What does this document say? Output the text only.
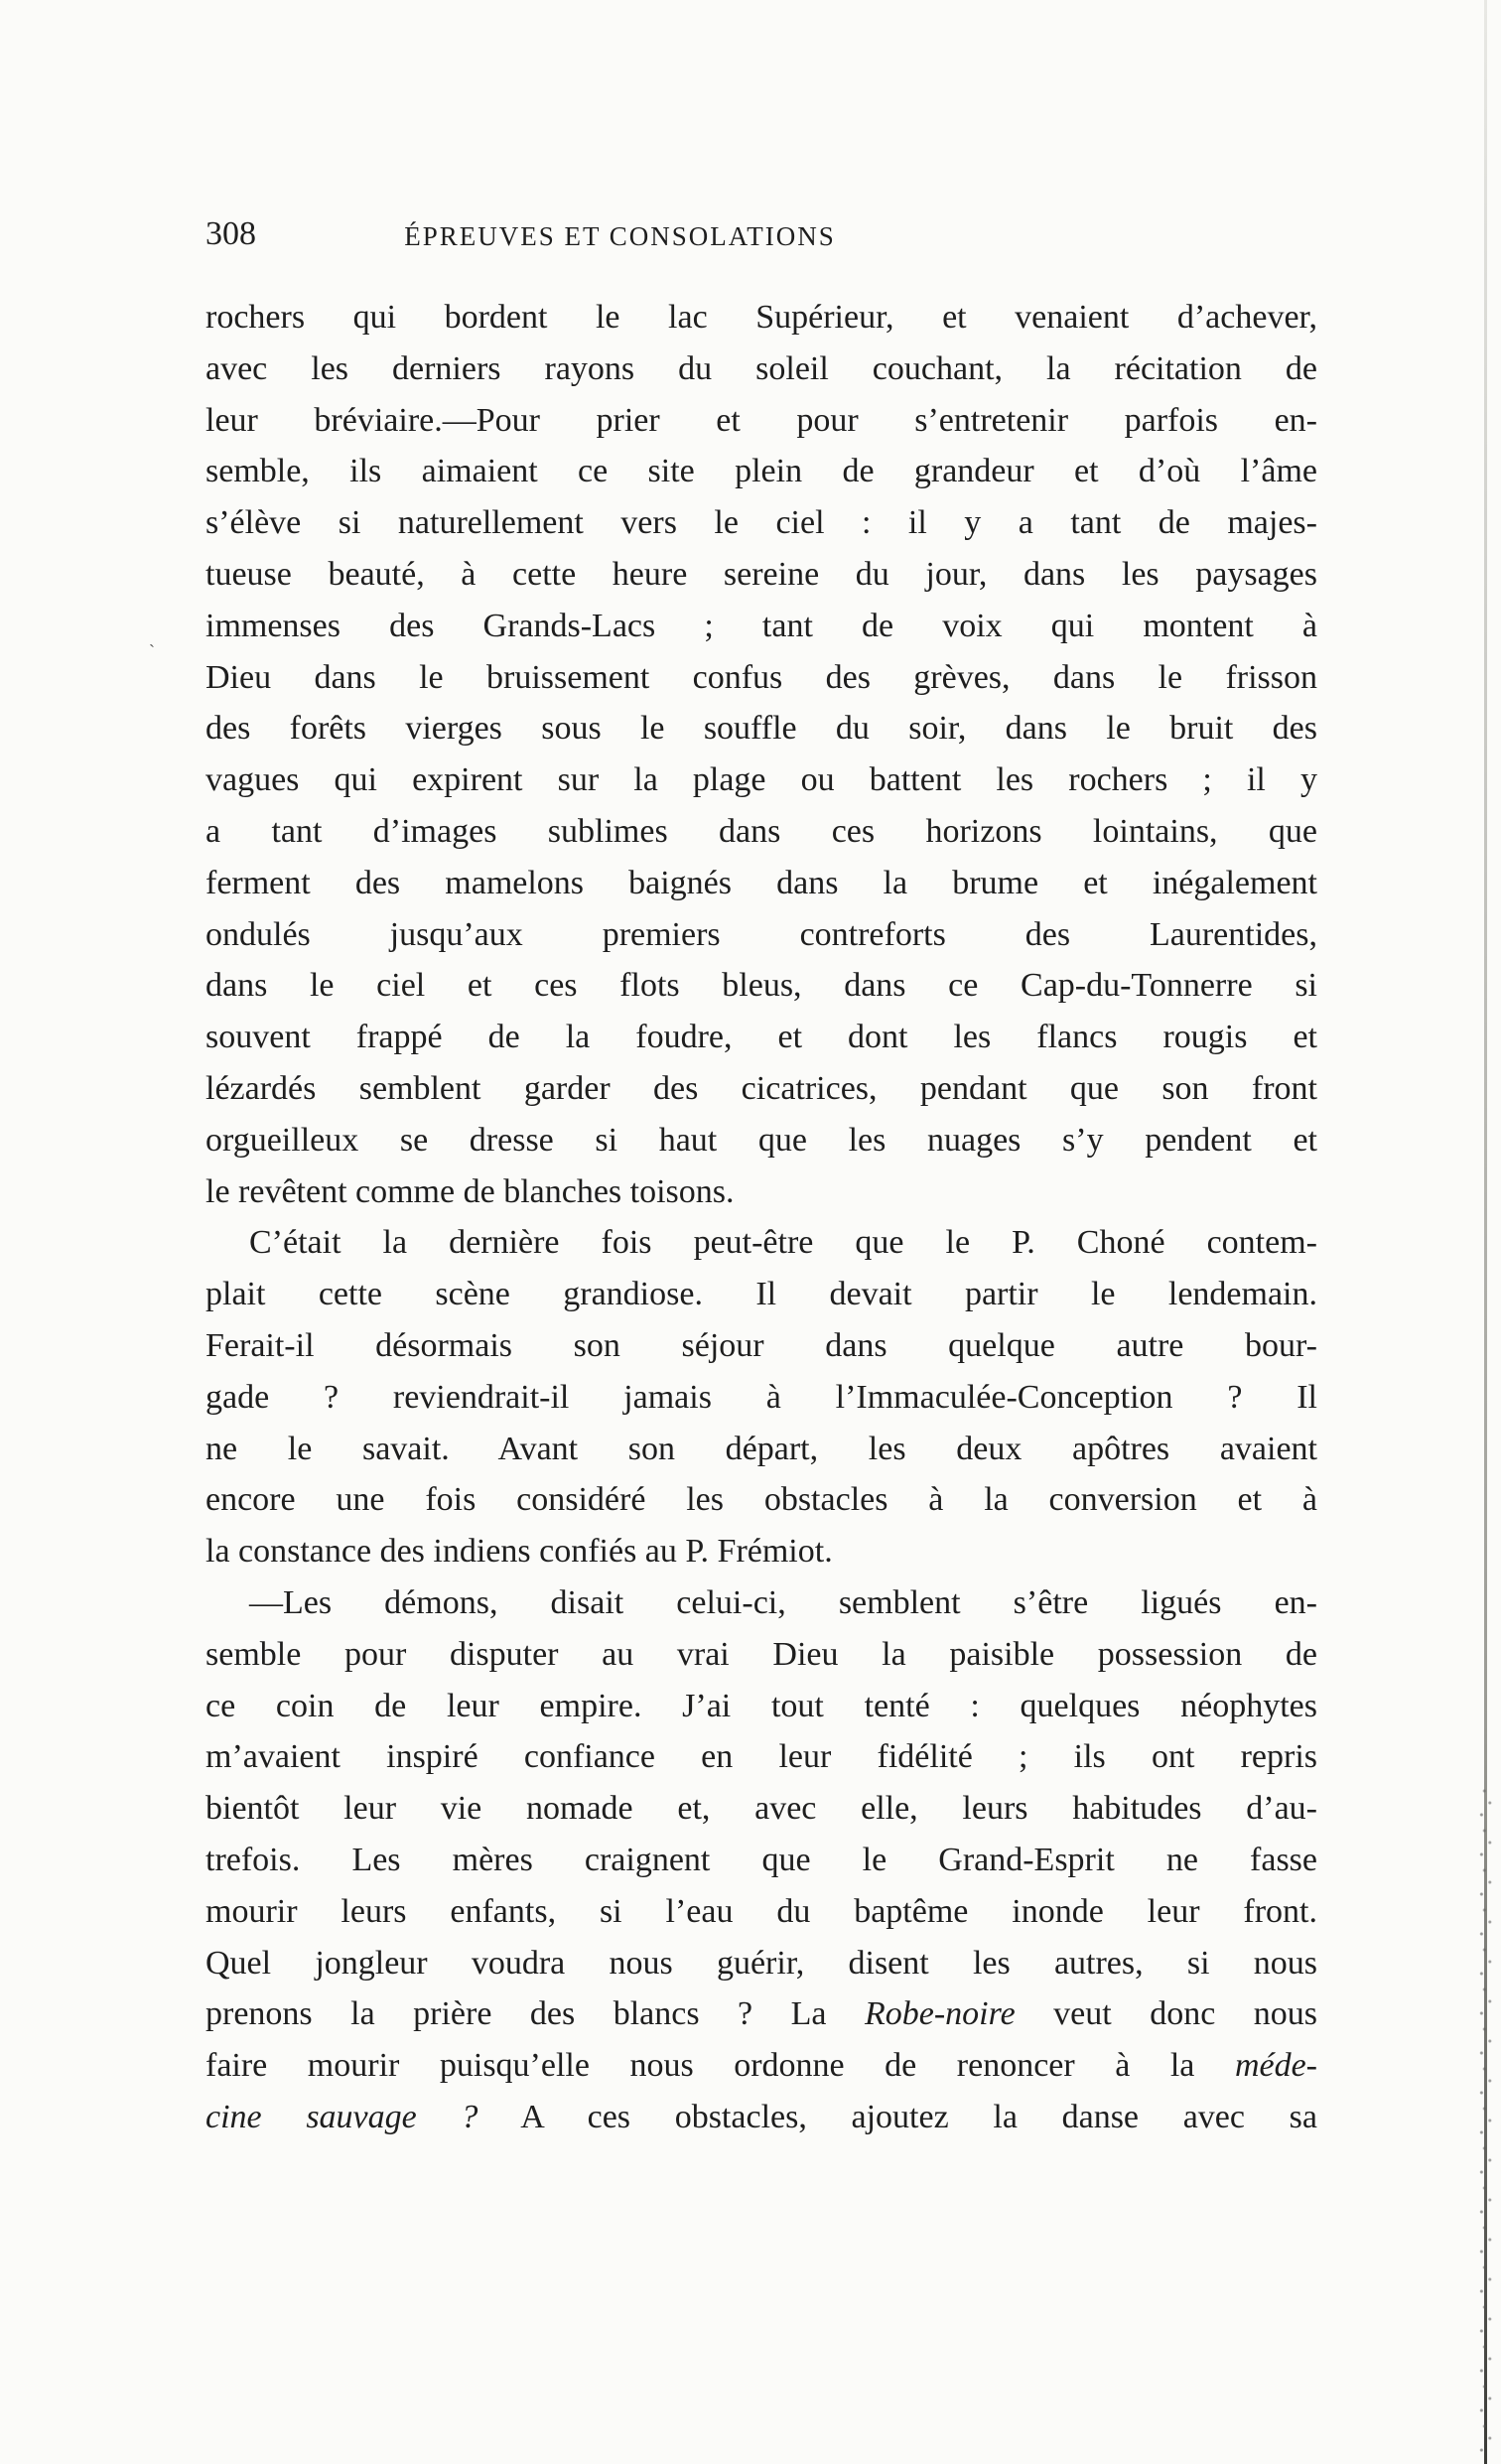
308	ÉPREUVES ET CONSOLATIONS
ˎ
rochers qui bordent le lac Supérieur, et venaient d’achever,
avec les derniers rayons du soleil couchant, la récitation de
leur bréviaire.—Pour prier et pour s’entretenir parfois en-
semble, ils aimaient ce site plein de grandeur et d’où l’âme
s’élève si naturellement vers le ciel : il y a tant de majes-
tueuse beauté, à cette heure sereine du jour, dans les paysages
immenses des Grands-Lacs ; tant de voix qui montent à
Dieu dans le bruissement confus des grèves, dans le frisson
des forêts vierges sous le souffle du soir, dans le bruit des
vagues qui expirent sur la plage ou battent les rochers ; il y
a tant d’images sublimes dans ces horizons lointains, que
ferment des mamelons baignés dans la brume et inégalement
ondulés jusqu’aux premiers contreforts des Laurentides,
dans le ciel et ces flots bleus, dans ce Cap-du-Tonnerre si
souvent frappé de la foudre, et dont les flancs rougis et
lézardés semblent garder des cicatrices, pendant que son front
orgueilleux se dresse si haut que les nuages s’y pendent et
le revêtent comme de blanches toisons.
C’était la dernière fois peut-être que le P. Choné contem-
plait cette scène grandiose. Il devait partir le lendemain.
Ferait-il désormais son séjour dans quelque autre bour-
gade ? reviendrait-il jamais à l’Immaculée-Conception ? Il
ne le savait. Avant son départ, les deux apôtres avaient
encore une fois considéré les obstacles à la conversion et à
la constance des indiens confiés au P. Frémiot.
—Les démons, disait celui-ci, semblent s’être ligués en-
semble pour disputer au vrai Dieu la paisible possession de
ce coin de leur empire. J’ai tout tenté : quelques néophytes
m’avaient inspiré confiance en leur fidélité ; ils ont repris
bientôt leur vie nomade et, avec elle, leurs habitudes d’au-
trefois. Les mères craignent que le Grand-Esprit ne fasse
mourir leurs enfants, si l’eau du baptême inonde leur front.
Quel jongleur voudra nous guérir, disent les autres, si nous
prenons la prière des blancs ? La Robe-noire veut donc nous
faire mourir puisqu’elle nous ordonne de renoncer à la méde-
cine sauvage ? A ces obstacles, ajoutez la danse avec sa
